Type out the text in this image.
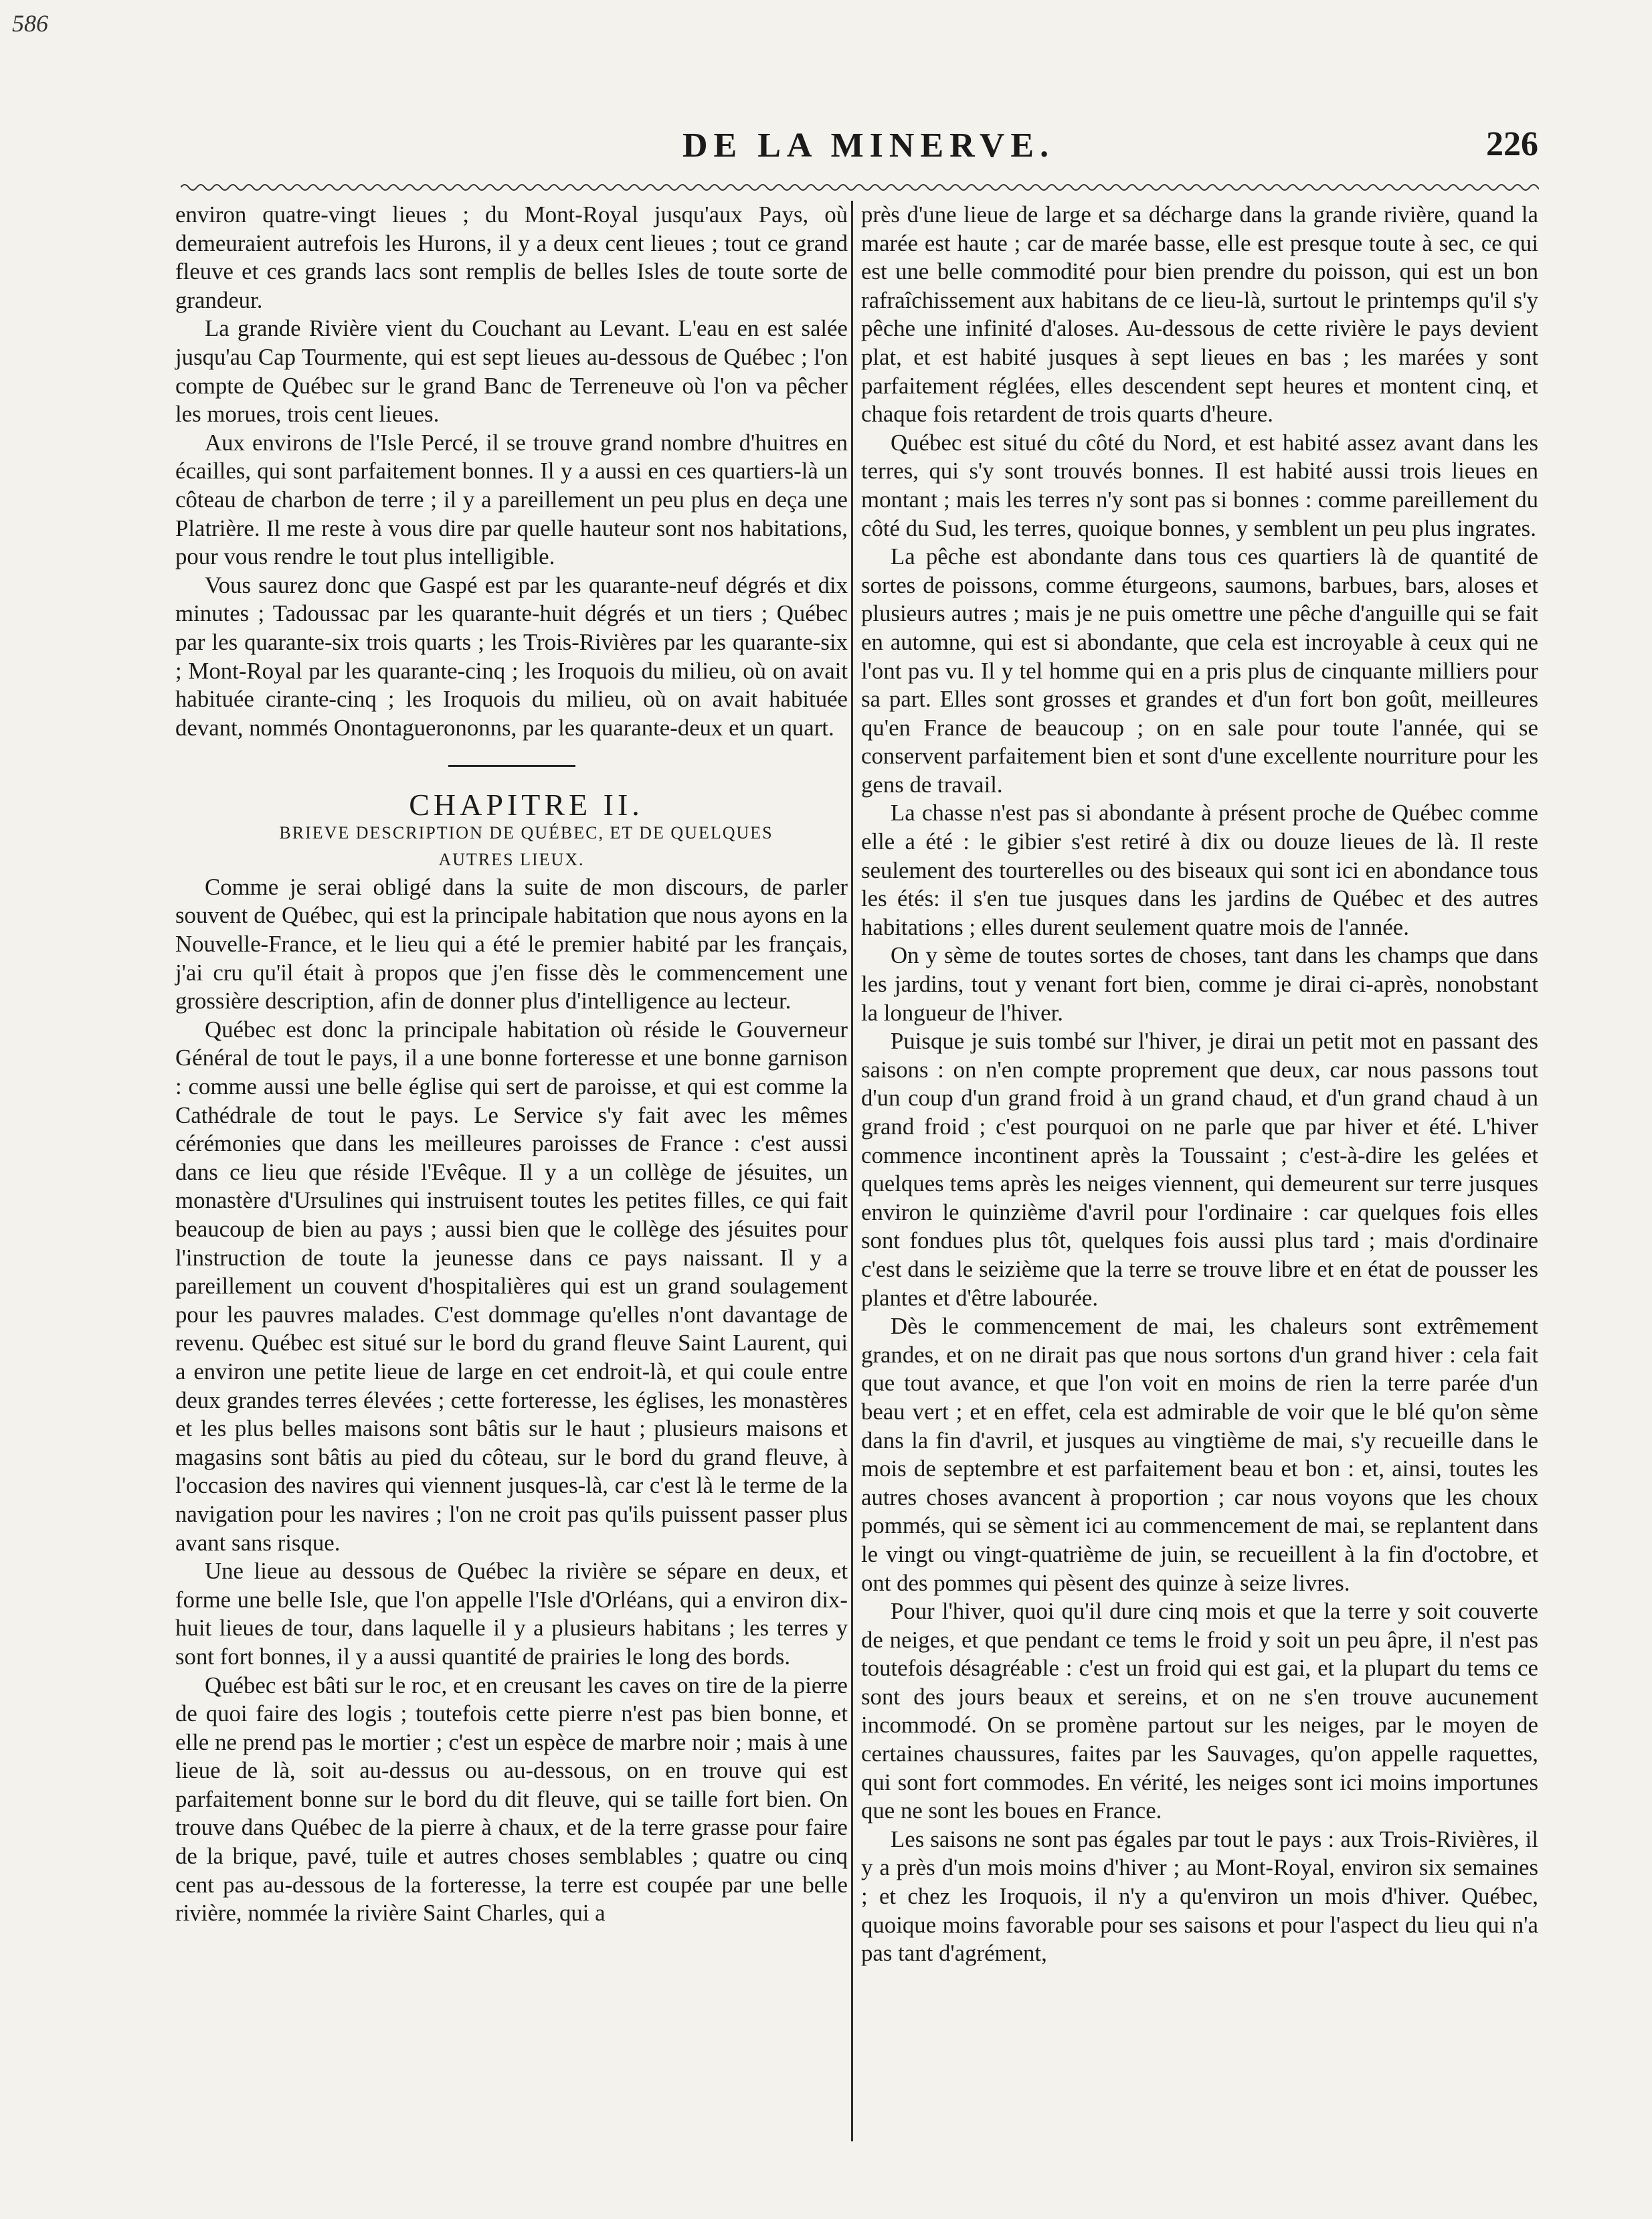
586
DE LA MINERVE.	226

environ quatre-vingt lieues ; du Mont-Royal jusqu'aux Pays, où demeuraient autrefois les Hurons, il y a deux cent lieues ; tout ce grand fleuve et ces grands lacs sont remplis de belles Isles de toute sorte de grandeur.

La grande Rivière vient du Couchant au Levant. L'eau en est salée jusqu'au Cap Tourmente, qui est sept lieues au-dessous de Québec ; l'on compte de Québec sur le grand Banc de Terreneuve où l'on va pêcher les morues, trois cent lieues.

Aux environs de l'Isle Percé, il se trouve grand nombre d'huitres en écailles, qui sont parfaitement bonnes. Il y a aussi en ces quartiers-là un côteau de charbon de terre ; il y a pareillement un peu plus en deça une Platrière. Il me reste à vous dire par quelle hauteur sont nos habitations, pour vous rendre le tout plus intelligible.

Vous saurez donc que Gaspé est par les quarante-neuf dégrés et dix minutes ; Tadoussac par les quarante-huit dégrés et un tiers ; Québec par les quarante-six trois quarts ; les Trois-Rivières par les quarante-six ; Mont-Royal par les quarante-cinq ; les Iroquois du milieu, où on avait habituée cirante-cinq ; les Iroquois du milieu, où on avait habituée devant, nommés Onontaguerononns, par les quarante-deux et un quart.

CHAPITRE II.

BRIEVE DESCRIPTION DE QUÉBEC, ET DE QUELQUES
AUTRES LIEUX.

Comme je serai obligé dans la suite de mon discours, de parler souvent de Québec, qui est la principale habitation que nous ayons en la Nouvelle-France, et le lieu qui a été le premier habité par les français, j'ai cru qu'il était à propos que j'en fisse dès le commencement une grossière description, afin de donner plus d'intelligence au lecteur.

Québec est donc la principale habitation où réside le Gouverneur Général de tout le pays, il a une bonne forteresse et une bonne garnison : comme aussi une belle église qui sert de paroisse, et qui est comme la Cathédrale de tout le pays. Le Service s'y fait avec les mêmes cérémonies que dans les meilleures paroisses de France : c'est aussi dans ce lieu que réside l'Evêque. Il y a un collège de jésuites, un monastère d'Ursulines qui instruisent toutes les petites filles, ce qui fait beaucoup de bien au pays ; aussi bien que le collège des jésuites pour l'instruction de toute la jeunesse dans ce pays naissant. Il y a pareillement un couvent d'hospitalières qui est un grand soulagement pour les pauvres malades. C'est dommage qu'elles n'ont davantage de revenu. Québec est situé sur le bord du grand fleuve Saint Laurent, qui a environ une petite lieue de large en cet endroit-là, et qui coule entre deux grandes terres élevées ; cette forteresse, les églises, les monastères et les plus belles maisons sont bâtis sur le haut ; plusieurs maisons et magasins sont bâtis au pied du côteau, sur le bord du grand fleuve, à l'occasion des navires qui viennent jusques-là, car c'est là le terme de la navigation pour les navires ; l'on ne croit pas qu'ils puissent passer plus avant sans risque.

Une lieue au dessous de Québec la rivière se sépare en deux, et forme une belle Isle, que l'on appelle l'Isle d'Orléans, qui a environ dix-huit lieues de tour, dans laquelle il y a plusieurs habitans ; les terres y sont fort bonnes, il y a aussi quantité de prairies le long des bords.

Québec est bâti sur le roc, et en creusant les caves on tire de la pierre de quoi faire des logis ; toutefois cette pierre n'est pas bien bonne, et elle ne prend pas le mortier ; c'est un espèce de marbre noir ; mais à une lieue de là, soit au-dessus ou au-dessous, on en trouve qui est parfaitement bonne sur le bord du dit fleuve, qui se taille fort bien. On trouve dans Québec de la pierre à chaux, et de la terre grasse pour faire de la brique, pavé, tuile et autres choses semblables ; quatre ou cinq cent pas au-dessous de la forteresse, la terre est coupée par une belle rivière, nommée la rivière Saint Charles, qui a

près d'une lieue de large et sa décharge dans la grande rivière, quand la marée est haute ; car de marée basse, elle est presque toute à sec, ce qui est une belle commodité pour bien prendre du poisson, qui est un bon rafraîchissement aux habitans de ce lieu-là, surtout le printemps qu'il s'y pêche une infinité d'aloses. Au-dessous de cette rivière le pays devient plat, et est habité jusques à sept lieues en bas ; les marées y sont parfaitement réglées, elles descendent sept heures et montent cinq, et chaque fois retardent de trois quarts d'heure.

Québec est situé du côté du Nord, et est habité assez avant dans les terres, qui s'y sont trouvés bonnes. Il est habité aussi trois lieues en montant ; mais les terres n'y sont pas si bonnes : comme pareillement du côté du Sud, les terres, quoique bonnes, y semblent un peu plus ingrates.

La pêche est abondante dans tous ces quartiers là de quantité de sortes de poissons, comme éturgeons, saumons, barbues, bars, aloses et plusieurs autres ; mais je ne puis omettre une pêche d'anguille qui se fait en automne, qui est si abondante, que cela est incroyable à ceux qui ne l'ont pas vu. Il y tel homme qui en a pris plus de cinquante milliers pour sa part. Elles sont grosses et grandes et d'un fort bon goût, meilleures qu'en France de beaucoup ; on en sale pour toute l'année, qui se conservent parfaitement bien et sont d'une excellente nourriture pour les gens de travail.

La chasse n'est pas si abondante à présent proche de Québec comme elle a été : le gibier s'est retiré à dix ou douze lieues de là. Il reste seulement des tourterelles ou des biseaux qui sont ici en abondance tous les étés: il s'en tue jusques dans les jardins de Québec et des autres habitations ; elles durent seulement quatre mois de l'année.

On y sème de toutes sortes de choses, tant dans les champs que dans les jardins, tout y venant fort bien, comme je dirai ci-après, nonobstant la longueur de l'hiver.

Puisque je suis tombé sur l'hiver, je dirai un petit mot en passant des saisons : on n'en compte proprement que deux, car nous passons tout d'un coup d'un grand froid à un grand chaud, et d'un grand chaud à un grand froid ; c'est pourquoi on ne parle que par hiver et été. L'hiver commence incontinent après la Toussaint ; c'est-à-dire les gelées et quelques tems après les neiges viennent, qui demeurent sur terre jusques environ le quinzième d'avril pour l'ordinaire : car quelques fois elles sont fondues plus tôt, quelques fois aussi plus tard ; mais d'ordinaire c'est dans le seizième que la terre se trouve libre et en état de pousser les plantes et d'être labourée.

Dès le commencement de mai, les chaleurs sont extrêmement grandes, et on ne dirait pas que nous sortons d'un grand hiver : cela fait que tout avance, et que l'on voit en moins de rien la terre parée d'un beau vert ; et en effet, cela est admirable de voir que le blé qu'on sème dans la fin d'avril, et jusques au vingtième de mai, s'y recueille dans le mois de septembre et est parfaitement beau et bon : et, ainsi, toutes les autres choses avancent à proportion ; car nous voyons que les choux pommés, qui se sèment ici au commencement de mai, se replantent dans le vingt ou vingt-quatrième de juin, se recueillent à la fin d'octobre, et ont des pommes qui pèsent des quinze à seize livres.

Pour l'hiver, quoi qu'il dure cinq mois et que la terre y soit couverte de neiges, et que pendant ce tems le froid y soit un peu âpre, il n'est pas toutefois désagréable : c'est un froid qui est gai, et la plupart du tems ce sont des jours beaux et sereins, et on ne s'en trouve aucunement incommodé. On se promène partout sur les neiges, par le moyen de certaines chaussures, faites par les Sauvages, qu'on appelle raquettes, qui sont fort commodes. En vérité, les neiges sont ici moins importunes que ne sont les boues en France.

Les saisons ne sont pas égales par tout le pays : aux Trois-Rivières, il y a près d'un mois moins d'hiver ; au Mont-Royal, environ six semaines ; et chez les Iroquois, il n'y a qu'environ un mois d'hiver. Québec, quoique moins favorable pour ses saisons et pour l'aspect du lieu qui n'a pas tant d'agrément,
